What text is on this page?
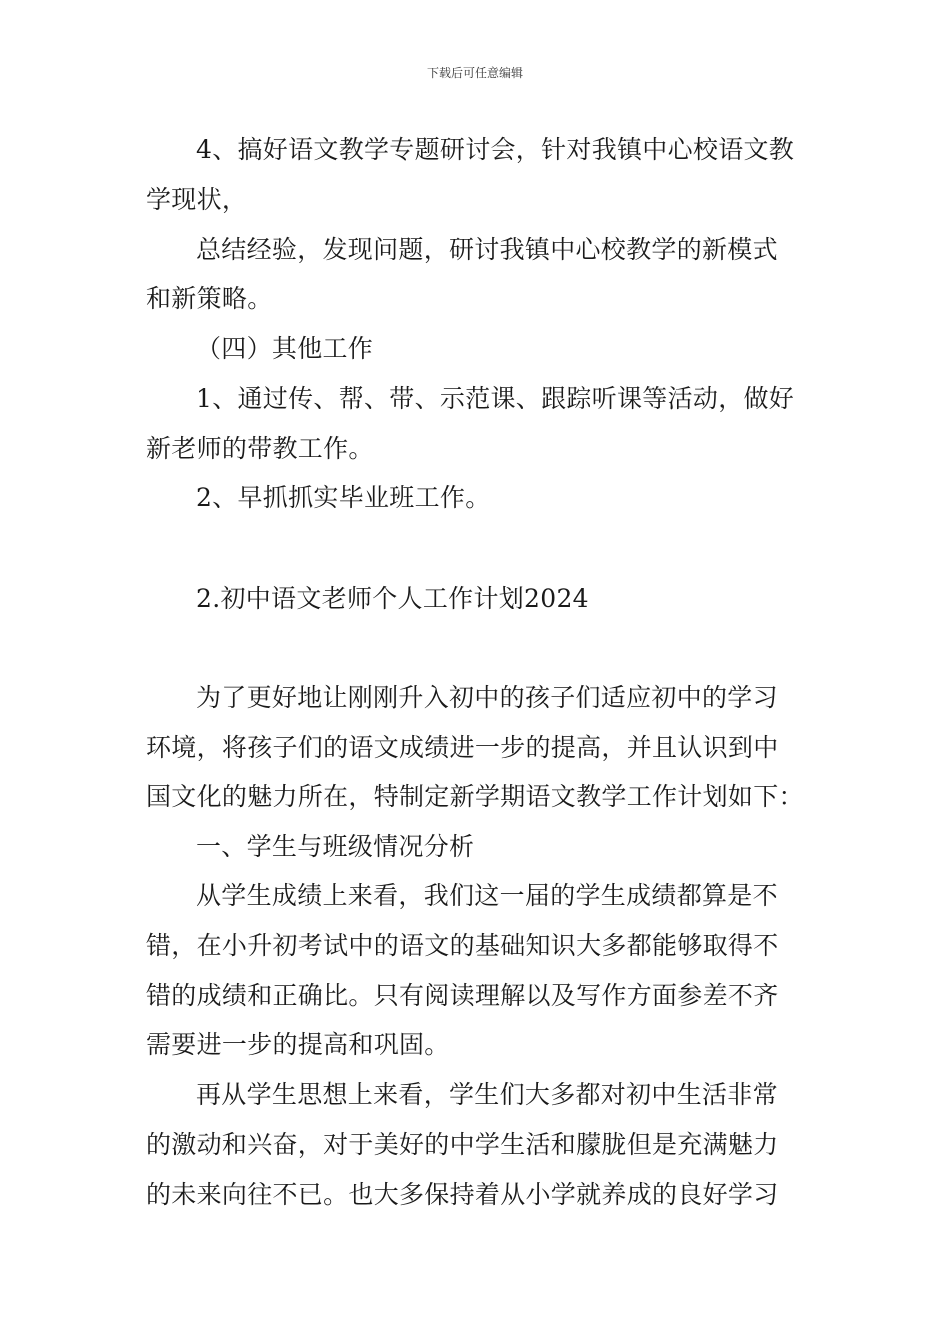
下载后可任意编辑
4、搞好语文教学专题研讨会，针对我镇中心校语文教
学现状，
总结经验，发现问题，研讨我镇中心校教学的新模式
和新策略。
（四）其他工作
1、通过传、帮、带、示范课、跟踪听课等活动，做好
新老师的带教工作。
2、早抓抓实毕业班工作。
2.初中语文老师个人工作计划2024
为了更好地让刚刚升入初中的孩子们适应初中的学习
环境，将孩子们的语文成绩进一步的提高，并且认识到中
国文化的魅力所在，特制定新学期语文教学工作计划如下：
一、学生与班级情况分析
从学生成绩上来看，我们这一届的学生成绩都算是不
错，在小升初考试中的语文的基础知识大多都能够取得不
错的成绩和正确比。只有阅读理解以及写作方面参差不齐
需要进一步的提高和巩固。
再从学生思想上来看，学生们大多都对初中生活非常
的激动和兴奋，对于美好的中学生活和朦胧但是充满魅力
的未来向往不已。也大多保持着从小学就养成的良好学习
